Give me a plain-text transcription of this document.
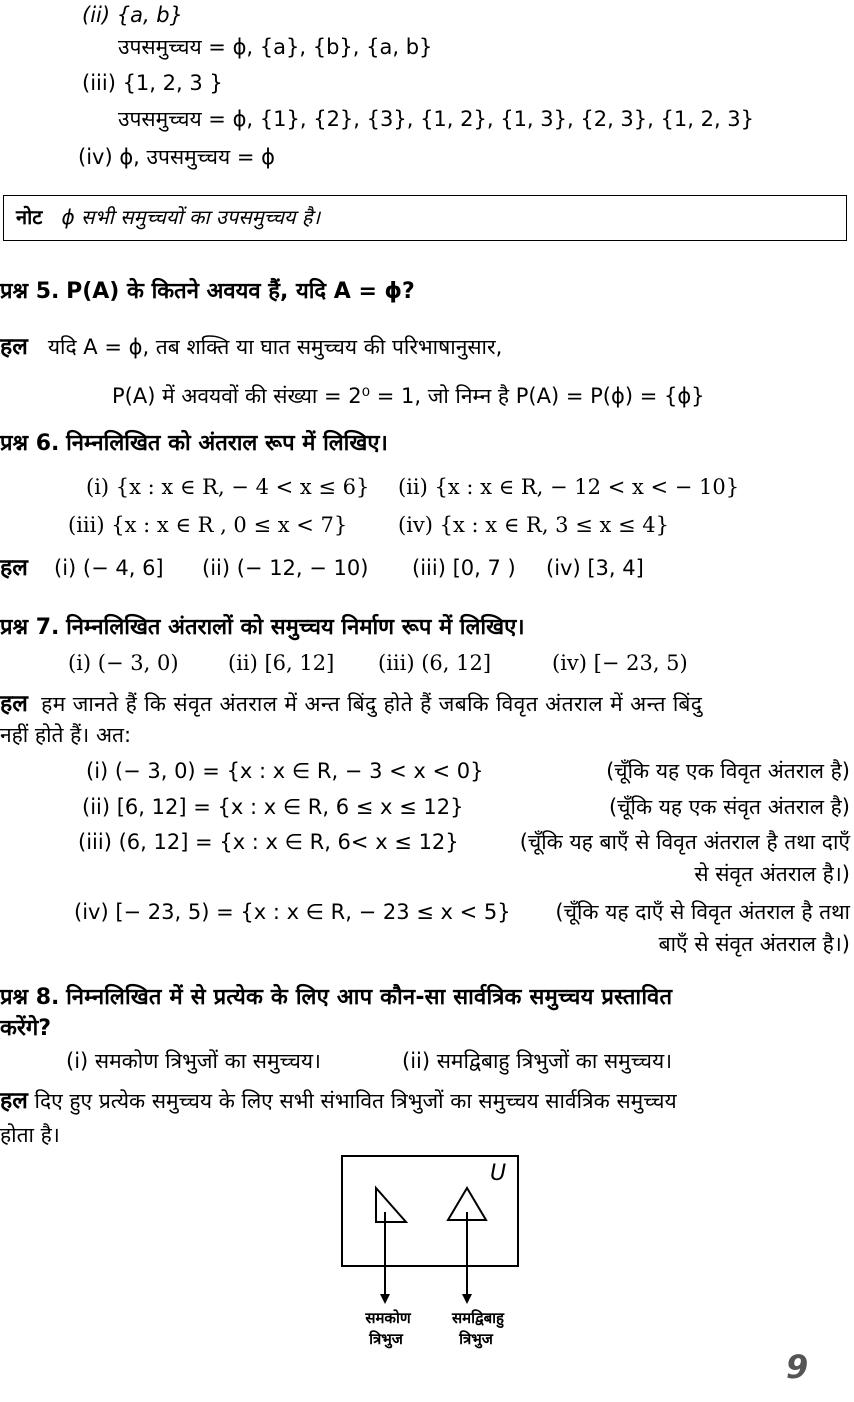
(ii) {a, b}
उपसमुच्चय = ϕ, {a}, {b}, {a, b}
(iii) {1, 2, 3 }
उपसमुच्चय = ϕ, {1}, {2}, {3}, {1, 2}, {1, 3}, {2, 3}, {1, 2, 3}
(iv) ϕ, उपसमुच्चय = ϕ
नोट ϕ सभी समुच्चयों का उपसमुच्चय है।
प्रश्न 5. P(A) के कितने अवयव हैं, यदि A = ϕ?
हल यदि A = ϕ, तब शक्ति या घात समुच्चय की परिभाषानुसार,
P(A) में अवयवों की संख्या = 2⁰ = 1, जो निम्न है P(A) = P(ϕ) = {ϕ}
प्रश्न 6. निम्नलिखित को अंतराल रूप में लिखिए।
(i) {x : x ∈ R, − 4 < x ≤ 6} (ii) {x : x ∈ R, − 12 < x < − 10}
(iii) {x : x ∈ R , 0 ≤ x < 7} (iv) {x : x ∈ R, 3 ≤ x ≤ 4}
हल (i) (− 4, 6] (ii) (− 12, − 10) (iii) [0, 7 ) (iv) [3, 4]
प्रश्न 7. निम्नलिखित अंतरालों को समुच्चय निर्माण रूप में लिखिए।
(i) (− 3, 0) (ii) [6, 12] (iii) (6, 12]	(iv) [− 23, 5)
हल हम जानते हैं कि संवृत अंतराल में अन्त बिंदु होते हैं जबकि विवृत अंतराल में अन्त बिंदु
नहीं होते हैं। अत:
(i) (− 3, 0) = {x : x ∈ R, − 3 < x < 0}	(चूँकि यह एक विवृत अंतराल है)
(ii) [6, 12] = {x : x ∈ R, 6 ≤ x ≤ 12}	(चूँकि यह एक संवृत अंतराल है)
(iii) (6, 12] = {x : x ∈ R, 6< x ≤ 12}	(चूँकि यह बाएँ से विवृत अंतराल है तथा दाएँ
से संवृत अंतराल है।)
(iv) [− 23, 5) = {x : x ∈ R, − 23 ≤ x < 5} (चूँकि यह दाएँ से विवृत अंतराल है तथा
बाएँ से संवृत अंतराल है।)
प्रश्न 8. निम्नलिखित में से प्रत्येक के लिए आप कौन-सा सार्वत्रिक समुच्चय प्रस्तावित
करेंगे?
(i) समकोण त्रिभुजों का समुच्चय।	(ii) समद्विबाहु त्रिभुजों का समुच्चय।
हल दिए हुए प्रत्येक समुच्चय के लिए सभी संभावित त्रिभुजों का समुच्चय सार्वत्रिक समुच्चय
होता है।
U
समकोण
त्रिभुज
समद्विबाहु
त्रिभुज
9
